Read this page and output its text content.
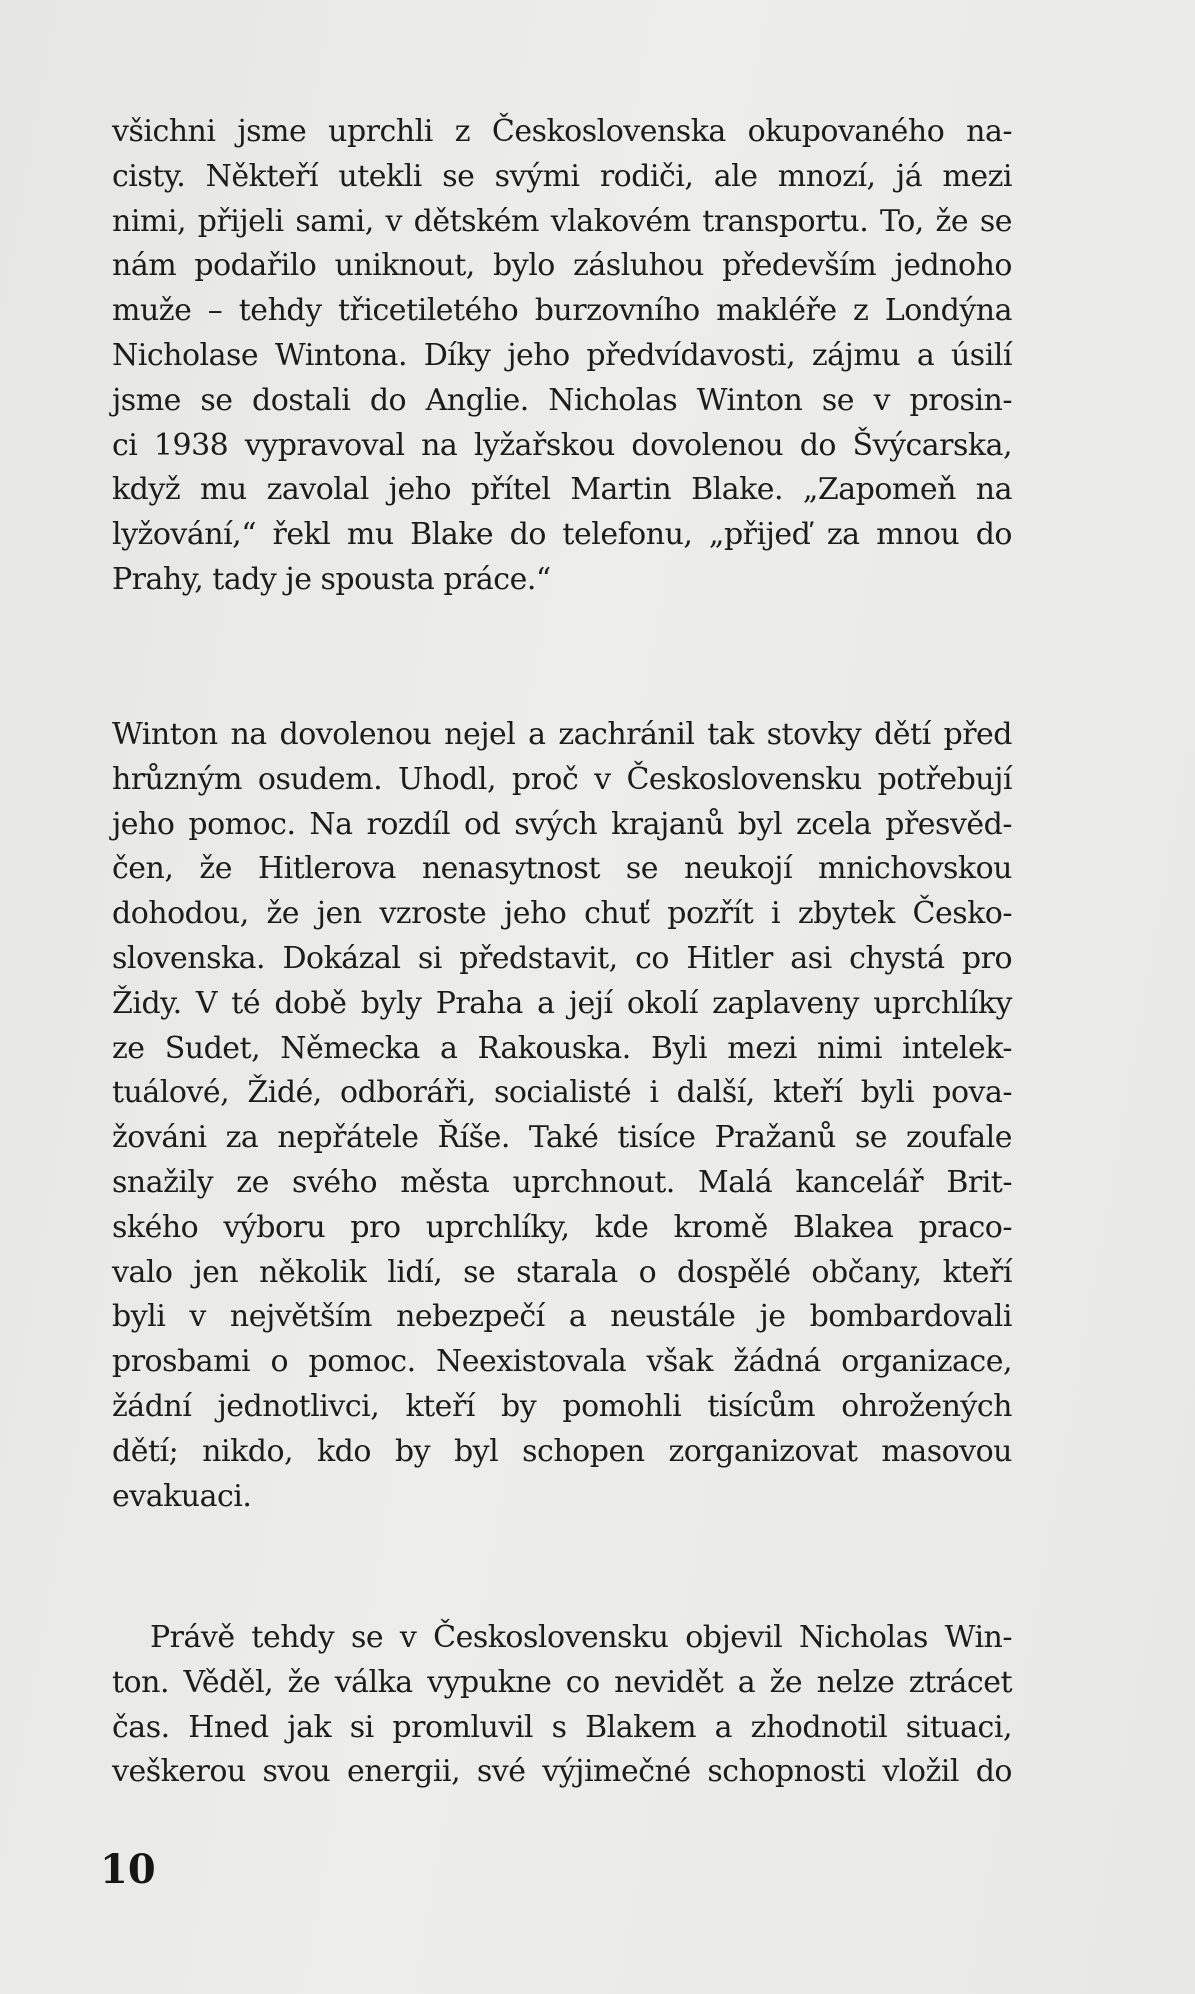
všichni jsme uprchli z Československa okupovaného na-
cisty. Někteří utekli se svými rodiči, ale mnozí, já mezi
nimi, přijeli sami, v dětském vlakovém transportu. To, že se
nám podařilo uniknout, bylo zásluhou především jednoho
muže – tehdy třicetiletého burzovního makléře z Londýna
Nicholase Wintona. Díky jeho předvídavosti, zájmu a úsilí
jsme se dostali do Anglie. Nicholas Winton se v prosin-
ci 1938 vypravoval na lyžařskou dovolenou do Švýcarska,
když mu zavolal jeho přítel Martin Blake. „Zapomeň na
lyžování,“ řekl mu Blake do telefonu, „přijeď za mnou do
Prahy, tady je spousta práce.“
Winton na dovolenou nejel a zachránil tak stovky dětí před
hrůzným osudem. Uhodl, proč v Československu potřebují
jeho pomoc. Na rozdíl od svých krajanů byl zcela přesvěd-
čen, že Hitlerova nenasytnost se neukojí mnichovskou
dohodou, že jen vzroste jeho chuť pozřít i zbytek Česko-
slovenska. Dokázal si představit, co Hitler asi chystá pro
Židy. V té době byly Praha a její okolí zaplaveny uprchlíky
ze Sudet, Německa a Rakouska. Byli mezi nimi intelek-
tuálové, Židé, odboráři, socialisté i další, kteří byli pova-
žováni za nepřátele Říše. Také tisíce Pražanů se zoufale
snažily ze svého města uprchnout. Malá kancelář Brit-
ského výboru pro uprchlíky, kde kromě Blakea praco-
valo jen několik lidí, se starala o dospělé občany, kteří
byli v největším nebezpečí a neustále je bombardovali
prosbami o pomoc. Neexistovala však žádná organizace,
žádní jednotlivci, kteří by pomohli tisícům ohrožených
dětí; nikdo, kdo by byl schopen zorganizovat masovou
evakuaci.
Právě tehdy se v Československu objevil Nicholas Win-
ton. Věděl, že válka vypukne co nevidět a že nelze ztrácet
čas. Hned jak si promluvil s Blakem a zhodnotil situaci,
veškerou svou energii, své výjimečné schopnosti vložil do
10
